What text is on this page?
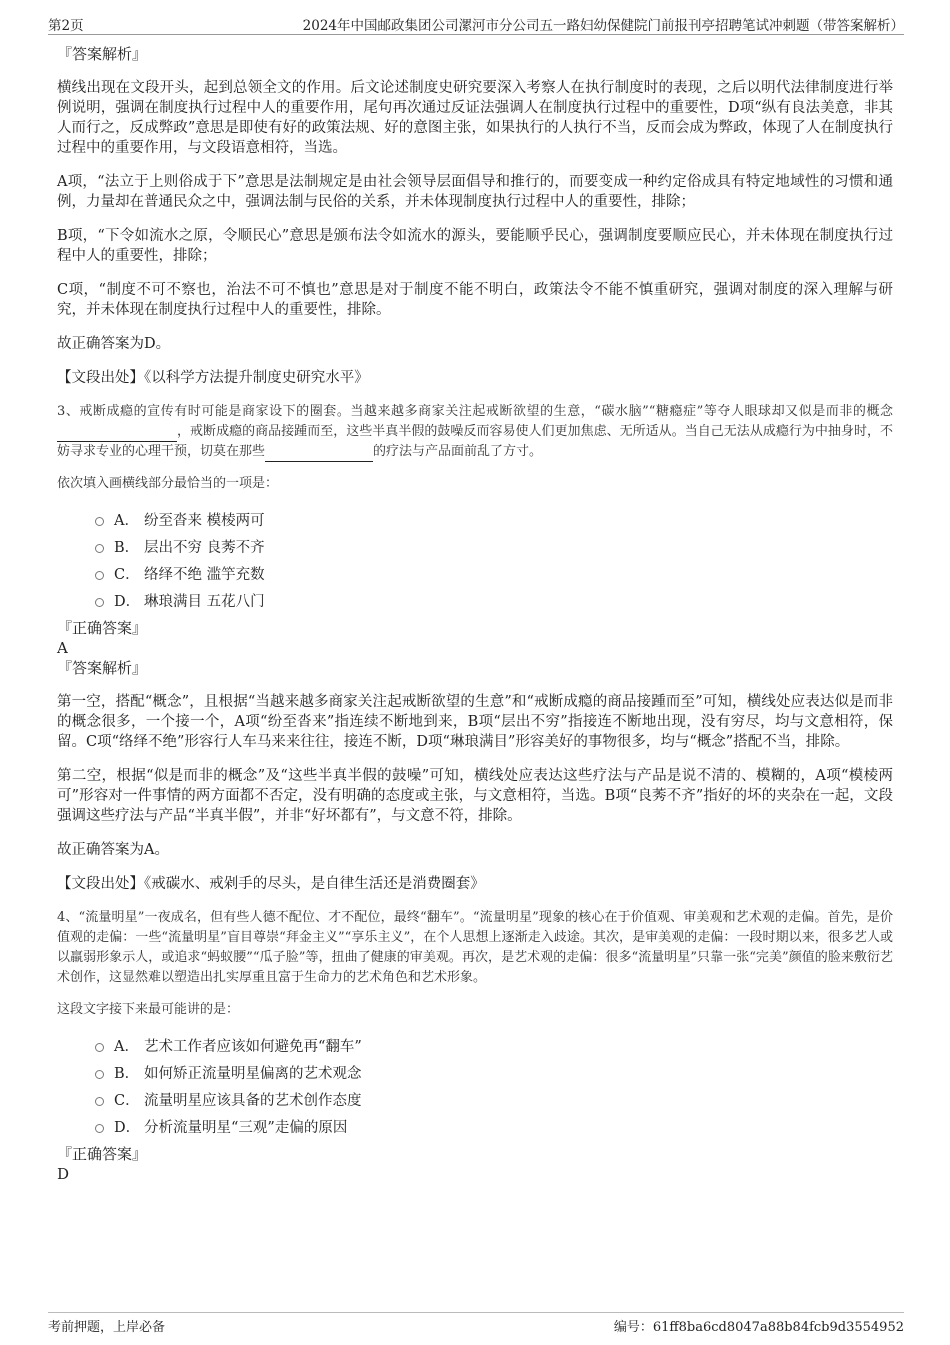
第2页	2024年中国邮政集团公司漯河市分公司五一路妇幼保健院门前报刊亭招聘笔试冲刺题（带答案解析）

『答案解析』

横线出现在文段开头，起到总领全文的作用。后文论述制度史研究要深入考察人在执行制度时的表现，之后以明代法律制度进行举例说明，强调在制度执行过程中人的重要作用，尾句再次通过反证法强调人在制度执行过程中的重要性，D项“纵有良法美意，非其人而行之，反成弊政”意思是即使有好的政策法规、好的意图主张，如果执行的人执行不当，反而会成为弊政，体现了人在制度执行过程中的重要作用，与文段语意相符，当选。

A项，“法立于上则俗成于下”意思是法制规定是由社会领导层面倡导和推行的，而要变成一种约定俗成具有特定地域性的习惯和通例，力量却在普通民众之中，强调法制与民俗的关系，并未体现制度执行过程中人的重要性，排除；

B项，“下令如流水之原，令顺民心”意思是颁布法令如流水的源头，要能顺乎民心，强调制度要顺应民心，并未体现在制度执行过程中人的重要性，排除；

C项，“制度不可不察也，治法不可不慎也”意思是对于制度不能不明白，政策法令不能不慎重研究，强调对制度的深入理解与研究，并未体现在制度执行过程中人的重要性，排除。

故正确答案为D。

【文段出处】《以科学方法提升制度史研究水平》

3、戒断成瘾的宣传有时可能是商家设下的圈套。当越来越多商家关注起戒断欲望的生意，“碳水脑”“糖瘾症”等夺人眼球却又似是而非的概念，戒断成瘾的商品接踵而至，这些半真半假的鼓噪反而容易使人们更加焦虑、无所适从。当自己无法从成瘾行为中抽身时，不妨寻求专业的心理干预，切莫在那些	的疗法与产品面前乱了方寸。

依次填入画横线部分最恰当的一项是：

A． 纷至沓来 模棱两可
B． 层出不穷 良莠不齐
C． 络绎不绝 滥竽充数
D． 琳琅满目 五花八门

『正确答案』

A

『答案解析』

第一空，搭配“概念”，且根据“当越来越多商家关注起戒断欲望的生意”和“戒断成瘾的商品接踵而至”可知，横线处应表达似是而非的概念很多，一个接一个，A项“纷至沓来”指连续不断地到来，B项“层出不穷”指接连不断地出现，没有穷尽，均与文意相符，保留。C项“络绎不绝”形容行人车马来来往往，接连不断，D项“琳琅满目”形容美好的事物很多，均与“概念”搭配不当，排除。

第二空，根据“似是而非的概念”及“这些半真半假的鼓噪”可知，横线处应表达这些疗法与产品是说不清的、模糊的，A项“模棱两可”形容对一件事情的两方面都不否定，没有明确的态度或主张，与文意相符，当选。B项“良莠不齐”指好的坏的夹杂在一起，文段强调这些疗法与产品“半真半假”，并非“好坏都有”，与文意不符，排除。

故正确答案为A。

【文段出处】《戒碳水、戒剁手的尽头，是自律生活还是消费圈套》

4、“流量明星”一夜成名，但有些人德不配位、才不配位，最终“翻车”。“流量明星”现象的核心在于价值观、审美观和艺术观的走偏。首先，是价值观的走偏：一些“流量明星”盲目尊崇“拜金主义”“享乐主义”，在个人思想上逐渐走入歧途。其次，是审美观的走偏：一段时期以来，很多艺人或以羸弱形象示人，或追求“蚂蚁腰”“瓜子脸”等，扭曲了健康的审美观。再次，是艺术观的走偏：很多“流量明星”只靠一张“完美”颜值的脸来敷衍艺术创作，这显然难以塑造出扎实厚重且富于生命力的艺术角色和艺术形象。

这段文字接下来最可能讲的是：

A． 艺术工作者应该如何避免再“翻车”
B． 如何矫正流量明星偏离的艺术观念
C． 流量明星应该具备的艺术创作态度
D． 分析流量明星“三观”走偏的原因

『正确答案』

D

考前押题，上岸必备	编号：61ff8ba6cd8047a88b84fcb9d3554952
